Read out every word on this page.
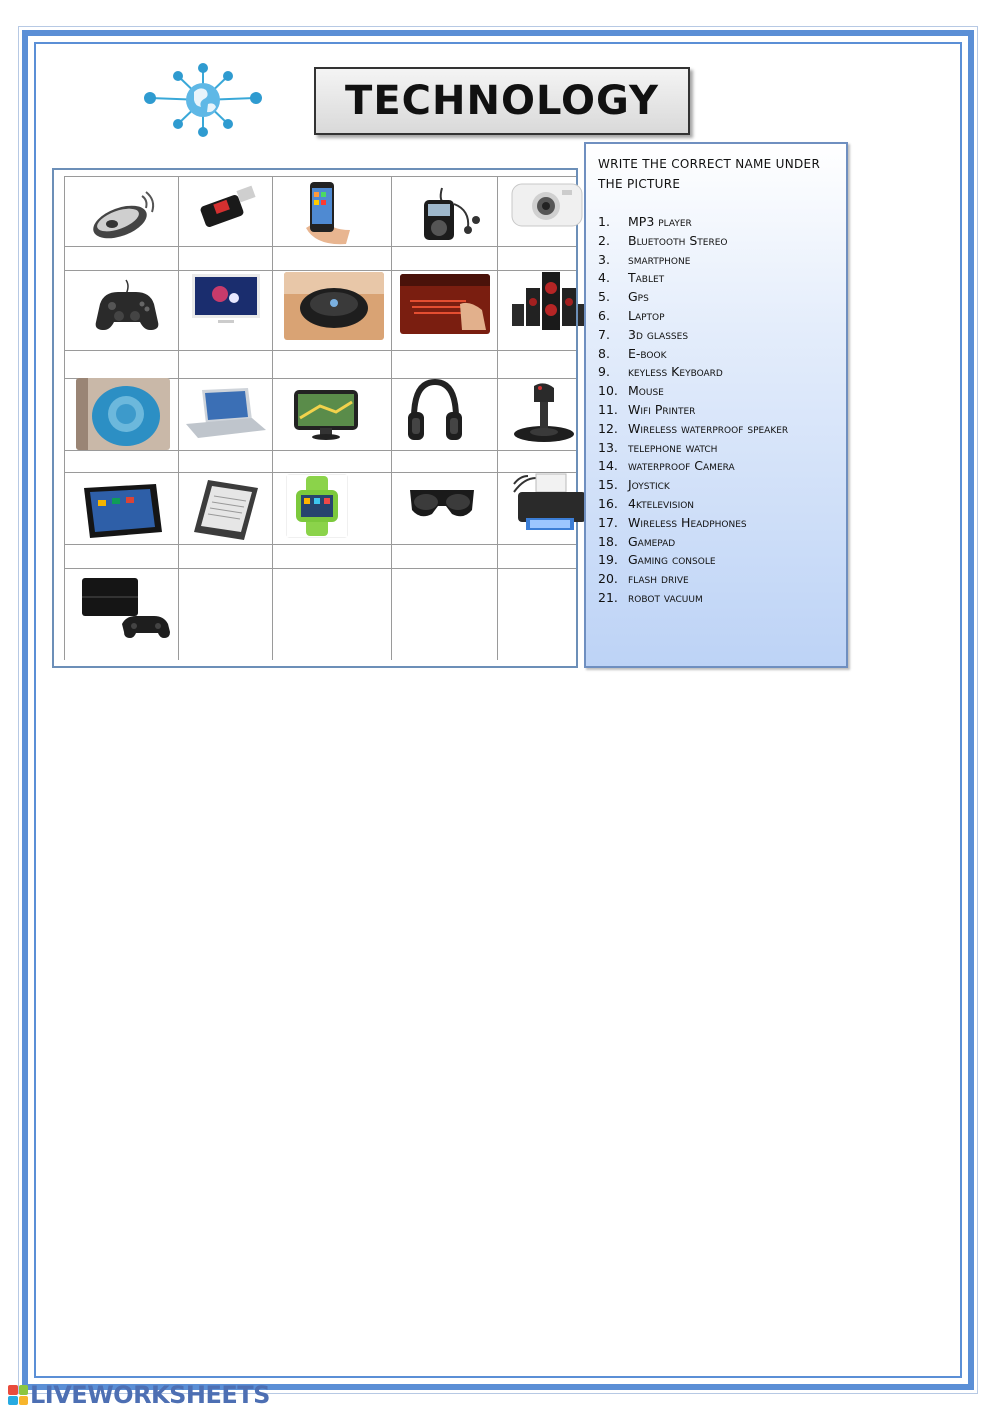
TECHNOLOGY
WRITE THE CORRECT NAME UNDER THE PICTURE
1.	MP3 player
2.	Bluetooth Stereo
3.	smartphone
4.	Tablet
5.	Gps
6.	Laptop
7.	3d glasses
8.	E-book
9.	keyless Keyboard
10. Mouse
11. Wifi Printer
12. Wireless waterproof speaker
13. telephone watch
14. waterproof Camera
15. Joystick
16. 4ktelevision
17. Wireless Headphones
18. Gamepad
19. Gaming console
20. flash drive
21. robot vacuum
LIVEWORKSHEETS
